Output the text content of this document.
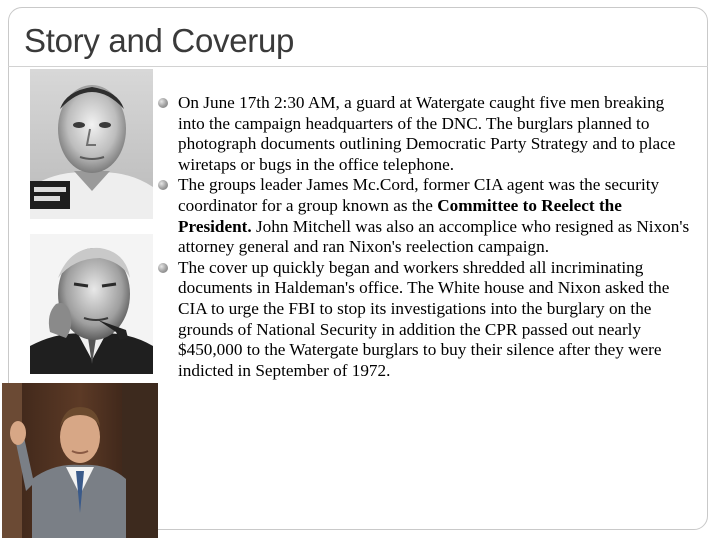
Story and Coverup
On June 17th 2:30 AM, a guard at Watergate caught five men breaking into the campaign headquarters of the DNC. The burglars planned to photograph documents outlining Democratic Party Strategy and to place wiretaps or bugs in the office telephone.
The groups leader James Mc.Cord, former CIA agent was the security coordinator for a group known as the Committee to Reelect the President. John Mitchell was also an accomplice who resigned as Nixon's attorney general and ran Nixon's reelection campaign.
The cover up quickly began and workers shredded all incriminating documents in Haldeman's office. The White house and Nixon asked the CIA to urge the FBI to stop its investigations into the burglary on the grounds of National Security in addition the CPR passed out nearly $450,000 to the Watergate burglars to buy their silence after they were indicted in September of 1972.
